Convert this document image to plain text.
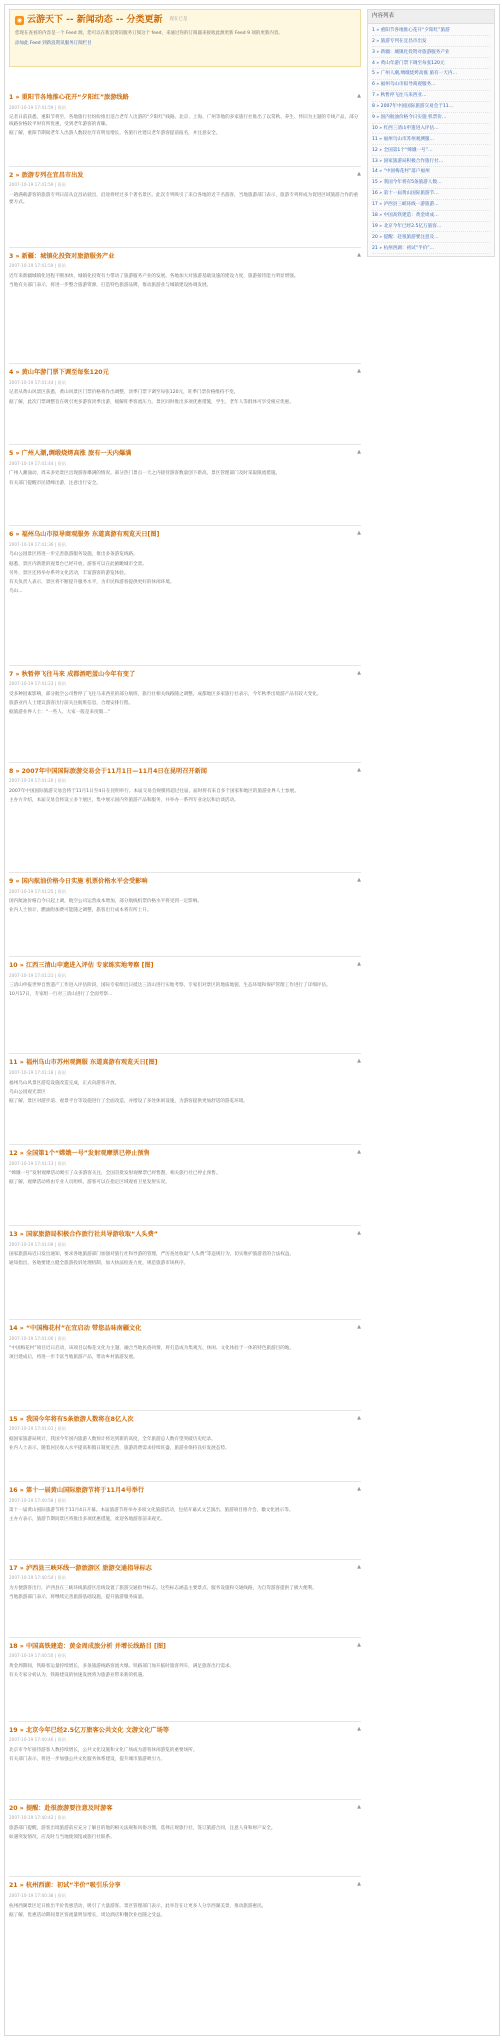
◉ 云游天下 -- 新闻动态 -- 分类更新 现在已是
您现在查看的内容是一个 Feed 源，您可以在新浪资讯服务订阅这个 feed，来通过你的订阅器来接收此源更新 Feed 9 项的更新内容。
添加此 Feed 到新浪资讯服务订阅栏目
1 » 重阳节各地推心花开“夕阳红”旅游线路	▲
2007-10-19 17:41:59 | 资讯

记者日前获悉，重阳节将至，各地旅行社纷纷推出适合老年人出游的“夕阳红”线路。北京、上海、广州等地的多家旅行社推出了以赏秋、养生、怀旧为主题的专线产品，部分线路价格较平时有所优惠，受到老年游客的青睐。

据了解，重阳节期间老年人出游人数较往年有明显增长，各旅行社建议老年游客提前报名，并注意安全。

2 » 旅游专列在宜昌市出发	▲
2007-10-19 17:41:59 | 资讯

一趟满载游客的旅游专列日前从宜昌站驶出，沿途将经过多个著名景区。此次专列吸引了来自各地的近千名游客，当地旅游部门表示，旅游专列将成为促进区域旅游合作的重要方式。

3 » 新疆：城镇化投资对旅游服务产业	▲
2007-10-19 17:41:59 | 资讯

近年来新疆城镇化进程不断加快，城镇化投资有力带动了旅游服务产业的发展。各地加大对旅游基础设施的建设力度，旅游接待能力明显增强。

当地有关部门表示，将进一步整合旅游资源，打造特色旅游品牌，推动旅游业与城镇建设协调发展。

4 » 黄山年游门票下调至每张120元	▲
2007-10-19 17:41:44 | 资讯

记者从黄山风景区获悉，黄山风景区门票价格将作出调整，淡季门票下调至每张120元，旺季门票价格维持不变。

据了解，此次门票调整旨在吸引更多游客淡季出游，缓解旺季客流压力。景区同时推出多项优惠措施，学生、老年人等群体可享受相应优惠。

5 » 广州人潮,绸缎烧烤高涨 旅有一天内爆满	▲
2007-10-19 17:41:44 | 资讯

广州人潮涌动，周末多处景区出现游客爆满的情况。部分热门景点一天之内接待游客数量创下新高，景区管理部门及时采取限流措施。

有关部门提醒市民错峰出游，注意出行安全。

6 » 福州乌山市拟导商观服务 东道真游有观览天日[图]	▲
2007-10-19 17:41:36 | 资讯

乌山公园景区将进一步完善旅游服务设施，推出多条游览线路。

据悉，景区内新建的观景台已经开放，游客可以在此俯瞰城市全景。

另外，景区还将举办系列文化活动，丰富游客的游览体验。

有关负责人表示，景区将不断提升服务水平，为市民和游客提供更好的休闲环境。

乌山...

7 » 秋暂停飞往马来 成都酒吧蛋山今年有变了	▲
2007-10-19 17:41:23 | 资讯

受多种因素影响，部分航空公司暂停了飞往马来西亚的部分航班，旅行社相关线路随之调整。成都地区多家旅行社表示，今年秋季出境游产品有较大变化。

旅游业内人士建议游客出行前关注航班信息，合理安排行程。

据旅游业界人士：“一些人、大家一般是来度假…”

8 » 2007年中国国际旅游交易会于11月1日—11月4日在昆明召开新闻	▲
2007-10-19 17:41:20 | 资讯

2007年中国国际旅游交易会将于11月1日至4日在昆明举行。本届交易会规模将超过往届，届时将有来自多个国家和地区的旅游业界人士参展。

主办方介绍，本届交易会将设立多个展区，集中展示国内外旅游产品和服务，并举办一系列专业论坛和洽谈活动。

9 » 国内航油价格今日实施 机票价格水平会受影响	▲
2007-10-19 17:41:25 | 资讯

国内航油价格自今日起上调，航空公司运营成本增加，部分航线机票价格水平将受到一定影响。

业内人士预计，燃油附加费可能随之调整，旅客出行成本将有所上升。

10 » 江西三清山申遗进入评估 专家练实地考察 [图]	▲
2007-10-19 17:41:21 | 资讯

三清山申报世界自然遗产工作进入评估阶段，国际专家组近日抵达三清山进行实地考察。专家们对景区的地质地貌、生态环境和保护管理工作进行了详细评估。

10月17日，专家组一行对三清山进行了全面考察...

11 » 福州乌山市苏州观测服 东道真游有观览天日[图]	▲
2007-10-19 17:41:18 | 资讯

福州乌山风景区游览设施改造完成，正式向游客开放。

乌山公园观光景区

据了解，景区对游步道、观景平台等设施进行了全面改造，并增设了多处休闲设施，为游客提供更加舒适的游览环境。

12 » 全国第1个“嫦娥一号”发射观摩票已停止预售	▲
2007-10-19 17:41:13 | 资讯

“嫦娥一号”发射观摩活动吸引了众多游客关注，全国首批发射观摩票已经售罄，相关旅行社已停止预售。

据了解，观摩活动将由专业人员组织，游客可以在指定区域观看卫星发射实况。

13 » 国家旅游局积极合作旅行社共导游收取“人头费”	▲
2007-10-19 17:41:09 | 资讯

国家旅游局近日发出通知，要求各地旅游部门加强对旅行社和导游的管理，严厉查处收取“人头费”等违规行为，切实维护旅游者的合法权益。

通知指出，各地要建立健全旅游投诉处理机制，加大执法检查力度，规范旅游市场秩序。

14 » “中国梅花村”在宜启动 带您品味南疆文化	▲
2007-10-19 17:41:06 | 资讯

“中国梅花村”项目近日启动，该项目以梅花文化为主题，融合当地民俗风情，将打造成为集观光、休闲、文化体验于一体的特色旅游目的地。

项目建成后，将进一步丰富当地旅游产品，带动乡村旅游发展。

15 » 我国今年将有5条旅游人数将在8亿人次	▲
2007-10-19 17:41:01 | 资讯

据国家旅游局统计，我国今年国内旅游人数预计将达到新的高度，全年旅游总人数有望突破历史纪录。

业内人士表示，随着居民收入水平提高和假日制度完善，旅游消费需求持续旺盛，旅游业保持良好发展态势。

16 » 第十一届黄山国际旅游节将于11月4号举行	▲
2007-10-19 17:40:58 | 资讯

第十一届黄山国际旅游节将于11月4日开幕。本届旅游节将举办多项文化旅游活动，包括开幕式文艺演出、旅游项目推介会、徽文化展示等。

主办方表示，旅游节期间景区将推出多项优惠措施，欢迎各地游客前来观光。

17 » 泸西县三峡环线一游旅游区 旅游交通指导标志	▲
2007-10-19 17:40:54 | 资讯

为方便游客出行，泸西县在三峡环线旅游区沿线设置了旅游交通指导标志。这些标志涵盖主要景点、服务设施和交通线路，为自驾游客提供了极大便利。

当地旅游部门表示，将继续完善旅游基础设施，提升旅游服务质量。

18 » 中国高铁建造：黄金周成旅分析 并增长线路目 [图]	▲
2007-10-19 17:40:50 | 资讯

黄金周期间，铁路客运量持续增长，多条旅游线路客流火爆。铁路部门加开临时旅客列车，满足旅客出行需求。

有关专家分析认为，铁路建设的快速发展将为旅游业带来新的机遇。

19 » 北京今年已经2.5亿万旅客公共文化 文游文化广场等	▲
2007-10-19 17:40:46 | 资讯

北京市今年接待游客人数持续增长，公共文化设施和文化广场成为游客休闲游览的重要场所。

有关部门表示，将进一步加强公共文化服务体系建设，提升城市旅游吸引力。

20 » 提醒：赴很旅游要注意及时游客	▲
2007-10-19 17:40:42 | 资讯

旅游部门提醒，游客出境旅游前应充分了解目的地的相关法规和风俗习惯，选择正规旅行社，签订旅游合同，注意人身和财产安全。

如遇突发情况，应及时与当地使领馆或旅行社联系。

21 » 杭州西湖：初试“半价”吸引乐分享	▲
2007-10-19 17:40:38 | 资讯

杭州西湖景区近日推出半价优惠活动，吸引了大量游客。景区管理部门表示，此举旨在让更多人分享西湖美景，推动旅游惠民。

据了解，优惠活动期间景区客流量明显增长，周边酒店和餐饮业也随之受益。

内容列表
1 » 重阳节各地推心花开“夕阳红”旅游
2 » 旅游专列在宜昌市出发
3 » 新疆：城镇化投资对旅游服务产业
4 » 黄山年游门票下调至每张120元
5 » 广州人潮,绸缎烧烤高涨 旅有一天内…
6 » 福州乌山市拟导商观服务…
7 » 秋暂停飞往马来西亚…
8 » 2007年中国国际旅游交易会于11…
9 » 国内航油价格今日实施 机票价…
10 » 红西三清山申遗进入评估…
11 » 福州乌山市苏州观测服…
12 » 全国第1个“嫦娥一号”…
13 » 国家旅游局积极合作旅行社…
14 » “中国梅花村”落户福州
15 » 我国今年将有5条旅游人数…
16 » 第十一届黄山国际旅游节…
17 » 泸西县三峡环线一游旅游…
18 » 中国高铁建造：黄金周成…
19 » 北京今年已经2.5亿万旅客…
20 » 提醒：赴很旅游要注意及…
21 » 杭州西湖：初试“半价”…
